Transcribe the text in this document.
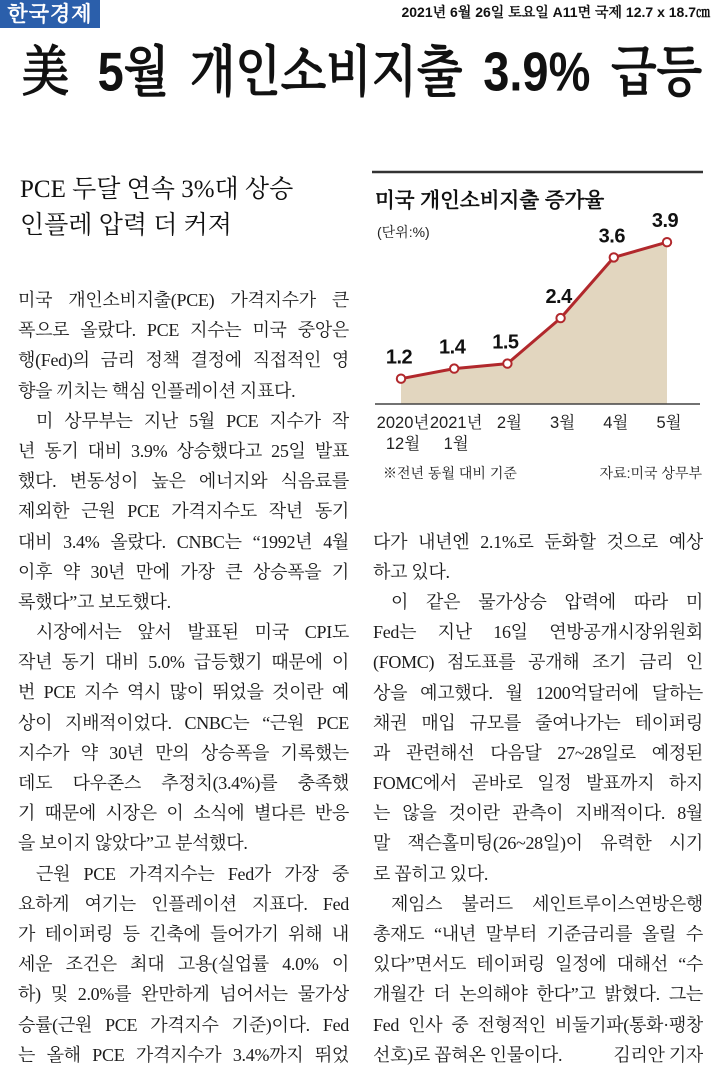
한국경제	2021년 6월 26일 토요일 A11면 국제 12.7 x 18.7㎝
美 5월 개인소비지출 3.9% 급등
PCE 두달 연속 3%대 상승
인플레 압력 더 커져
미국 개인소비지출(PCE) 가격지수가 큰
폭으로 올랐다. PCE 지수는 미국 중앙은
행(Fed)의 금리 정책 결정에 직접적인 영
향을 끼치는 핵심 인플레이션 지표다.
미 상무부는 지난 5월 PCE 지수가 작
년 동기 대비 3.9% 상승했다고 25일 발표
했다. 변동성이 높은 에너지와 식음료를
제외한 근원 PCE 가격지수도 작년 동기
대비 3.4% 올랐다. CNBC는 “1992년 4월
이후 약 30년 만에 가장 큰 상승폭을 기
록했다”고 보도했다.
시장에서는 앞서 발표된 미국 CPI도
작년 동기 대비 5.0% 급등했기 때문에 이
번 PCE 지수 역시 많이 뛰었을 것이란 예
상이 지배적이었다. CNBC는 “근원 PCE
지수가 약 30년 만의 상승폭을 기록했는
데도 다우존스 추정치(3.4%)를 충족했
기 때문에 시장은 이 소식에 별다른 반응
을 보이지 않았다”고 분석했다.
근원 PCE 가격지수는 Fed가 가장 중
요하게 여기는 인플레이션 지표다. Fed
가 테이퍼링 등 긴축에 들어가기 위해 내
세운 조건은 최대 고용(실업률 4.0% 이
하) 및 2.0%를 완만하게 넘어서는 물가상
승률(근원 PCE 가격지수 기준)이다. Fed
는 올해 PCE 가격지수가 3.4%까지 뛰었
미국 개인소비지출 증가율
(단위:%)
1.2 1.4 1.5
2.4
3.6
3.9
2020년
12월
2021년
1월
2월 3월 4월 5월
※전년 동월 대비 기준	자료:미국 상무부
다가 내년엔 2.1%로 둔화할 것으로 예상
하고 있다.
이 같은 물가상승 압력에 따라 미
Fed는 지난 16일 연방공개시장위원회
(FOMC) 점도표를 공개해 조기 금리 인
상을 예고했다. 월 1200억달러에 달하는
채권 매입 규모를 줄여나가는 테이퍼링
과 관련해선 다음달 27~28일로 예정된
FOMC에서 곧바로 일정 발표까지 하지
는 않을 것이란 관측이 지배적이다. 8월
말 잭슨홀미팅(26~28일)이 유력한 시기
로 꼽히고 있다.
제임스 불러드 세인트루이스연방은행
총재도 “내년 말부터 기준금리를 올릴 수
있다”면서도 테이퍼링 일정에 대해선 “수
개월간 더 논의해야 한다”고 밝혔다. 그는
Fed 인사 중 전형적인 비둘기파(통화·팽창
선호)로 꼽혀온 인물이다.	김리안 기자
